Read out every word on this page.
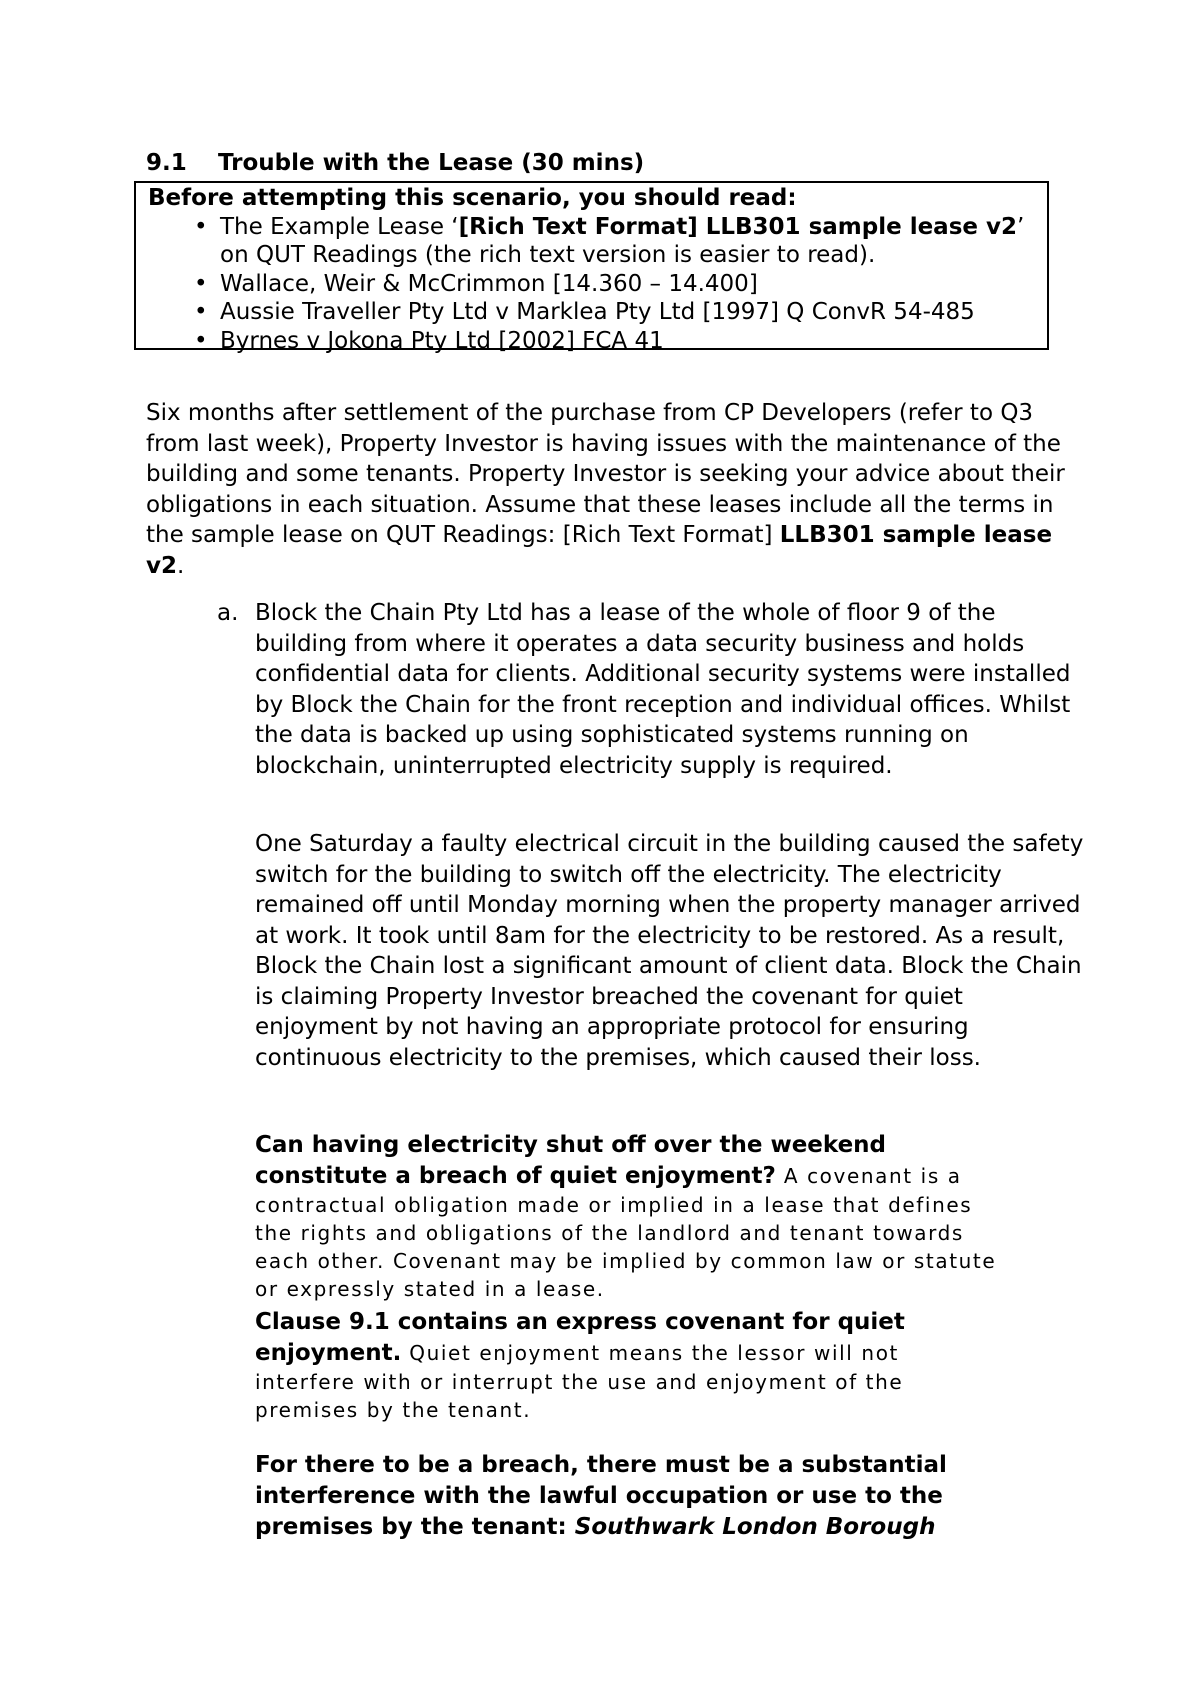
9.1 Trouble with the Lease (30 mins)
Before attempting this scenario, you should read:
• The Example Lease ‘[Rich Text Format] LLB301 sample lease v2’ on QUT Readings (the rich text version is easier to read).
• Wallace, Weir & McCrimmon [14.360 – 14.400]
• Aussie Traveller Pty Ltd v Marklea Pty Ltd [1997] Q ConvR 54-485
• Byrnes v Jokona Pty Ltd [2002] FCA 41
Six months after settlement of the purchase from CP Developers (refer to Q3 from last week), Property Investor is having issues with the maintenance of the building and some tenants. Property Investor is seeking your advice about their obligations in each situation. Assume that these leases include all the terms in the sample lease on QUT Readings: [Rich Text Format] LLB301 sample lease v2.
a. Block the Chain Pty Ltd has a lease of the whole of floor 9 of the building from where it operates a data security business and holds confidential data for clients. Additional security systems were installed by Block the Chain for the front reception and individual offices. Whilst the data is backed up using sophisticated systems running on blockchain, uninterrupted electricity supply is required.
One Saturday a faulty electrical circuit in the building caused the safety switch for the building to switch off the electricity. The electricity remained off until Monday morning when the property manager arrived at work. It took until 8am for the electricity to be restored. As a result, Block the Chain lost a significant amount of client data. Block the Chain is claiming Property Investor breached the covenant for quiet enjoyment by not having an appropriate protocol for ensuring continuous electricity to the premises, which caused their loss.
Can having electricity shut off over the weekend
constitute a breach of quiet enjoyment? A covenant is a
contractual obligation made or implied in a lease that defines
the rights and obligations of the landlord and tenant towards
each other. Covenant may be implied by common law or statute
or expressly stated in a lease.
Clause 9.1 contains an express covenant for quiet
enjoyment. Quiet enjoyment means the lessor will not
interfere with or interrupt the use and enjoyment of the
premises by the tenant.
For there to be a breach, there must be a substantial
interference with the lawful occupation or use to the
premises by the tenant: Southwark London Borough
